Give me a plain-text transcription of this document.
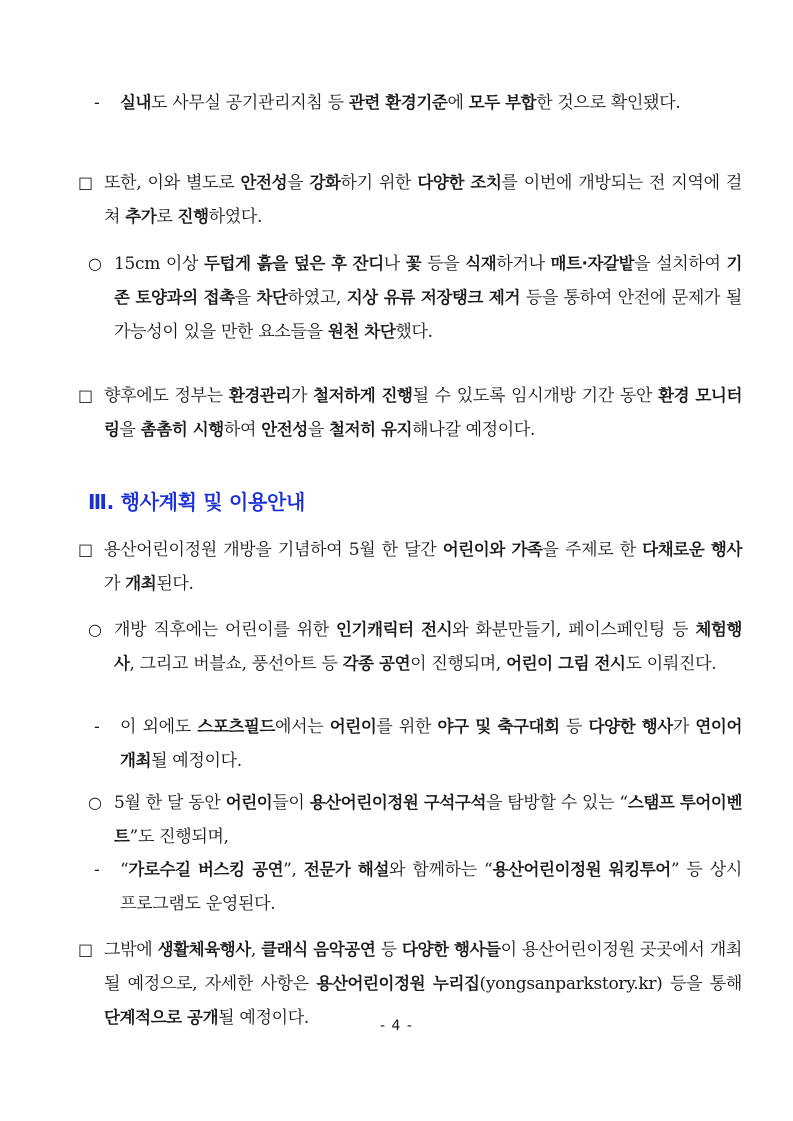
- 실내도 사무실 공기관리지침 등 관련 환경기준에 모두 부합한 것으로 확인됐다.
□ 또한, 이와 별도로 안전성을 강화하기 위한 다양한 조치를 이번에 개방되는 전 지역에 걸쳐 추가로 진행하였다.
○ 15cm 이상 두텁게 흙을 덮은 후 잔디나 꽃 등을 식재하거나 매트·자갈밭을 설치하여 기존 토양과의 접촉을 차단하였고, 지상 유류 저장탱크 제거 등을 통하여 안전에 문제가 될 가능성이 있을 만한 요소들을 원천 차단했다.
□ 향후에도 정부는 환경관리가 철저하게 진행될 수 있도록 임시개방 기간 동안 환경 모니터링을 촘촘히 시행하여 안전성을 철저히 유지해나갈 예정이다.
Ⅲ. 행사계획 및 이용안내
□ 용산어린이정원 개방을 기념하여 5월 한 달간 어린이와 가족을 주제로 한 다채로운 행사가 개최된다.
○ 개방 직후에는 어린이를 위한 인기캐릭터 전시와 화분만들기, 페이스페인팅 등 체험행사, 그리고 버블쇼, 풍선아트 등 각종 공연이 진행되며, 어린이 그림 전시도 이뤄진다.
- 이 외에도 스포츠필드에서는 어린이를 위한 야구 및 축구대회 등 다양한 행사가 연이어 개최될 예정이다.
○ 5월 한 달 동안 어린이들이 용산어린이정원 구석구석을 탐방할 수 있는 “스탬프 투어이벤트”도 진행되며,
- “가로수길 버스킹 공연”, 전문가 해설와 함께하는 “용산어린이정원 워킹투어” 등 상시 프로그램도 운영된다.
□ 그밖에 생활체육행사, 클래식 음악공연 등 다양한 행사들이 용산어린이정원 곳곳에서 개최될 예정으로, 자세한 사항은 용산어린이정원 누리집(yongsanparkstory.kr) 등을 통해 단계적으로 공개될 예정이다.	- 4 -
